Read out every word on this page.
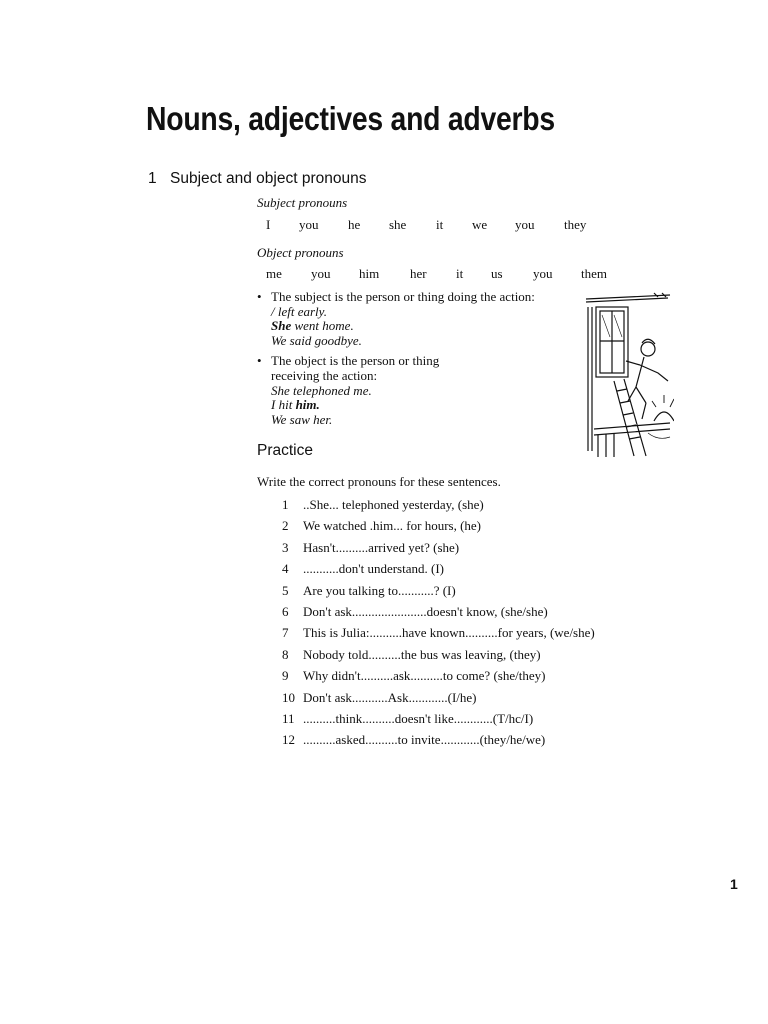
Nouns, adjectives and adverbs
1 Subject and object pronouns
Subject pronouns
I you he she it we you they
Object pronouns
me you him her it us you them
• The subject is the person or thing doing the action:
/ left early.
She went home.
We said goodbye.
• The object is the person or thing
receiving the action:
She telephoned me.
I hit him.
We saw her.
Practice
Write the correct pronouns for these sentences.
1	..She... telephoned yesterday, (she)
2	We watched .him... for hours, (he)
3	Hasn't..........arrived yet? (she)
4	...........don't understand. (I)
5	Are you talking to...........? (I)
6	Don't ask.......................doesn't know, (she/she)
7	This is Julia:..........have known..........for years, (we/she)
8	Nobody told..........the bus was leaving, (they)
9	Why didn't..........ask..........to come? (she/they)
10 Don't ask...........Ask............(I/he)
11 ..........think..........doesn't like............(T/hc/I)
12 ..........asked..........to invite............(they/he/we)
1
